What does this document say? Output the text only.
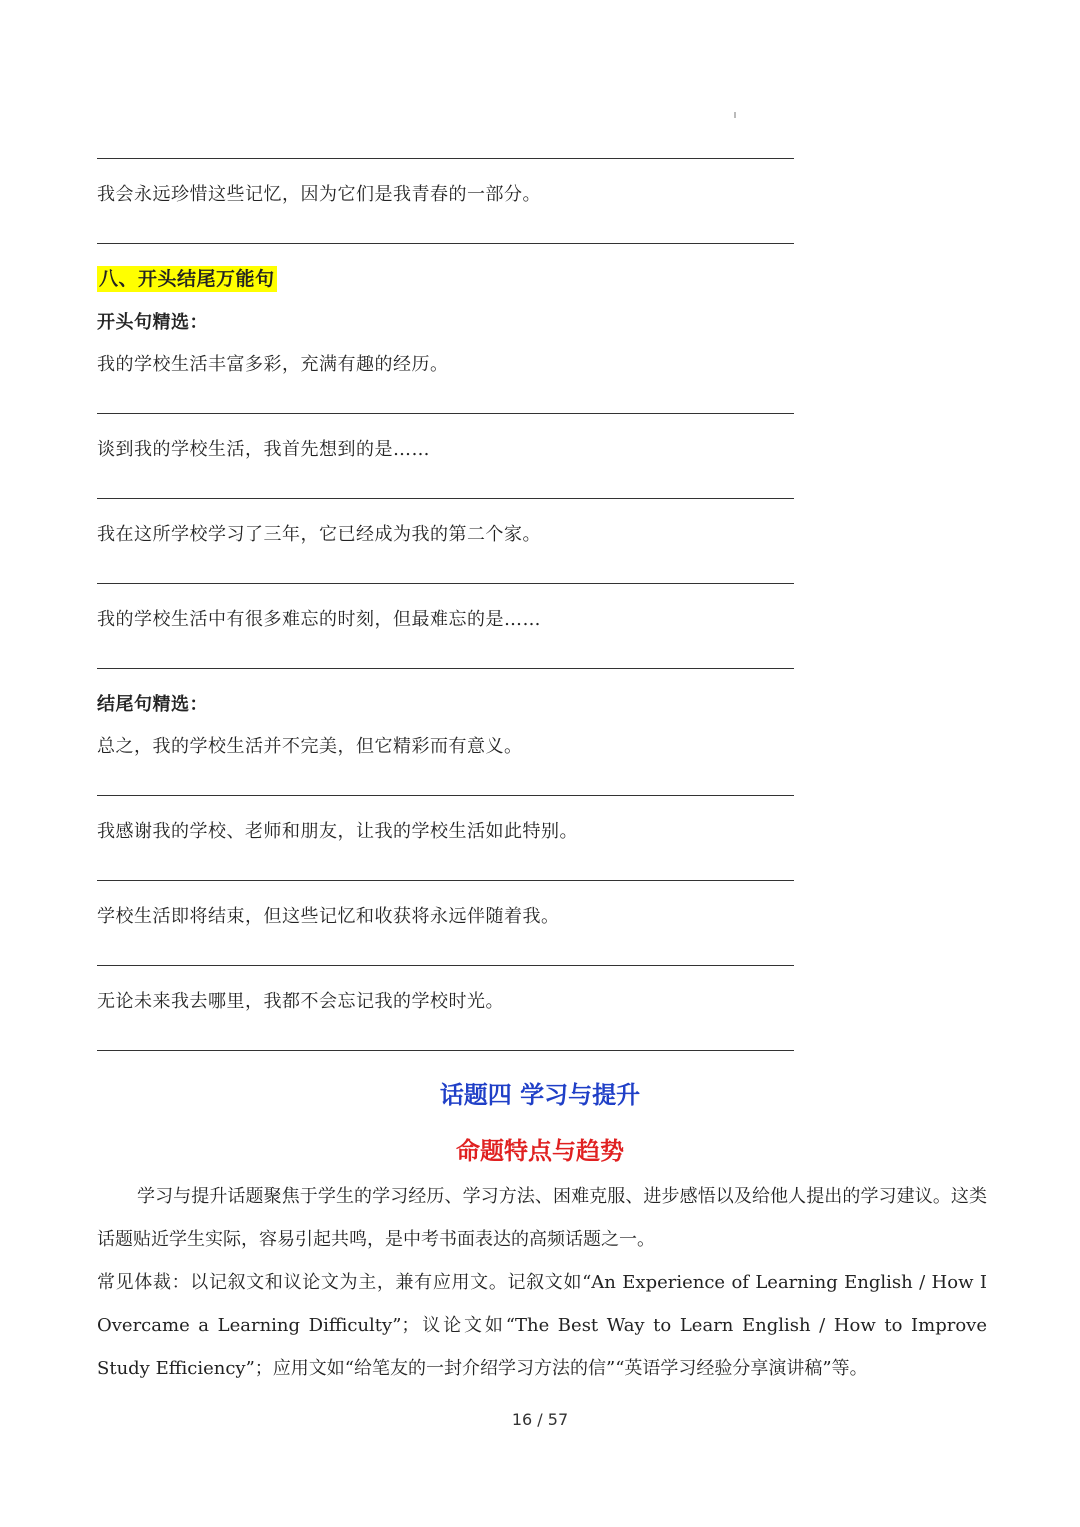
我会永远珍惜这些记忆，因为它们是我青春的一部分。
八、开头结尾万能句
开头句精选：
我的学校生活丰富多彩，充满有趣的经历。
谈到我的学校生活，我首先想到的是……
我在这所学校学习了三年，它已经成为我的第二个家。
我的学校生活中有很多难忘的时刻，但最难忘的是……
结尾句精选：
总之，我的学校生活并不完美，但它精彩而有意义。
我感谢我的学校、老师和朋友，让我的学校生活如此特别。
学校生活即将结束，但这些记忆和收获将永远伴随着我。
无论未来我去哪里，我都不会忘记我的学校时光。
话题四 学习与提升
命题特点与趋势

学习与提升话题聚焦于学生的学习经历、学习方法、困难克服、进步感悟以及给他人提出的学习建议。这类话题贴近学生实际，容易引起共鸣，是中考书面表达的高频话题之一。

常见体裁：以记叙文和议论文为主，兼有应用文。记叙文如“An Experience of Learning English / How I Overcame a Learning Difficulty”；议论文如“The Best Way to Learn English / How to Improve Study Efficiency”；应用文如“给笔友的一封介绍学习方法的信”“英语学习经验分享演讲稿”等。

16 / 57
